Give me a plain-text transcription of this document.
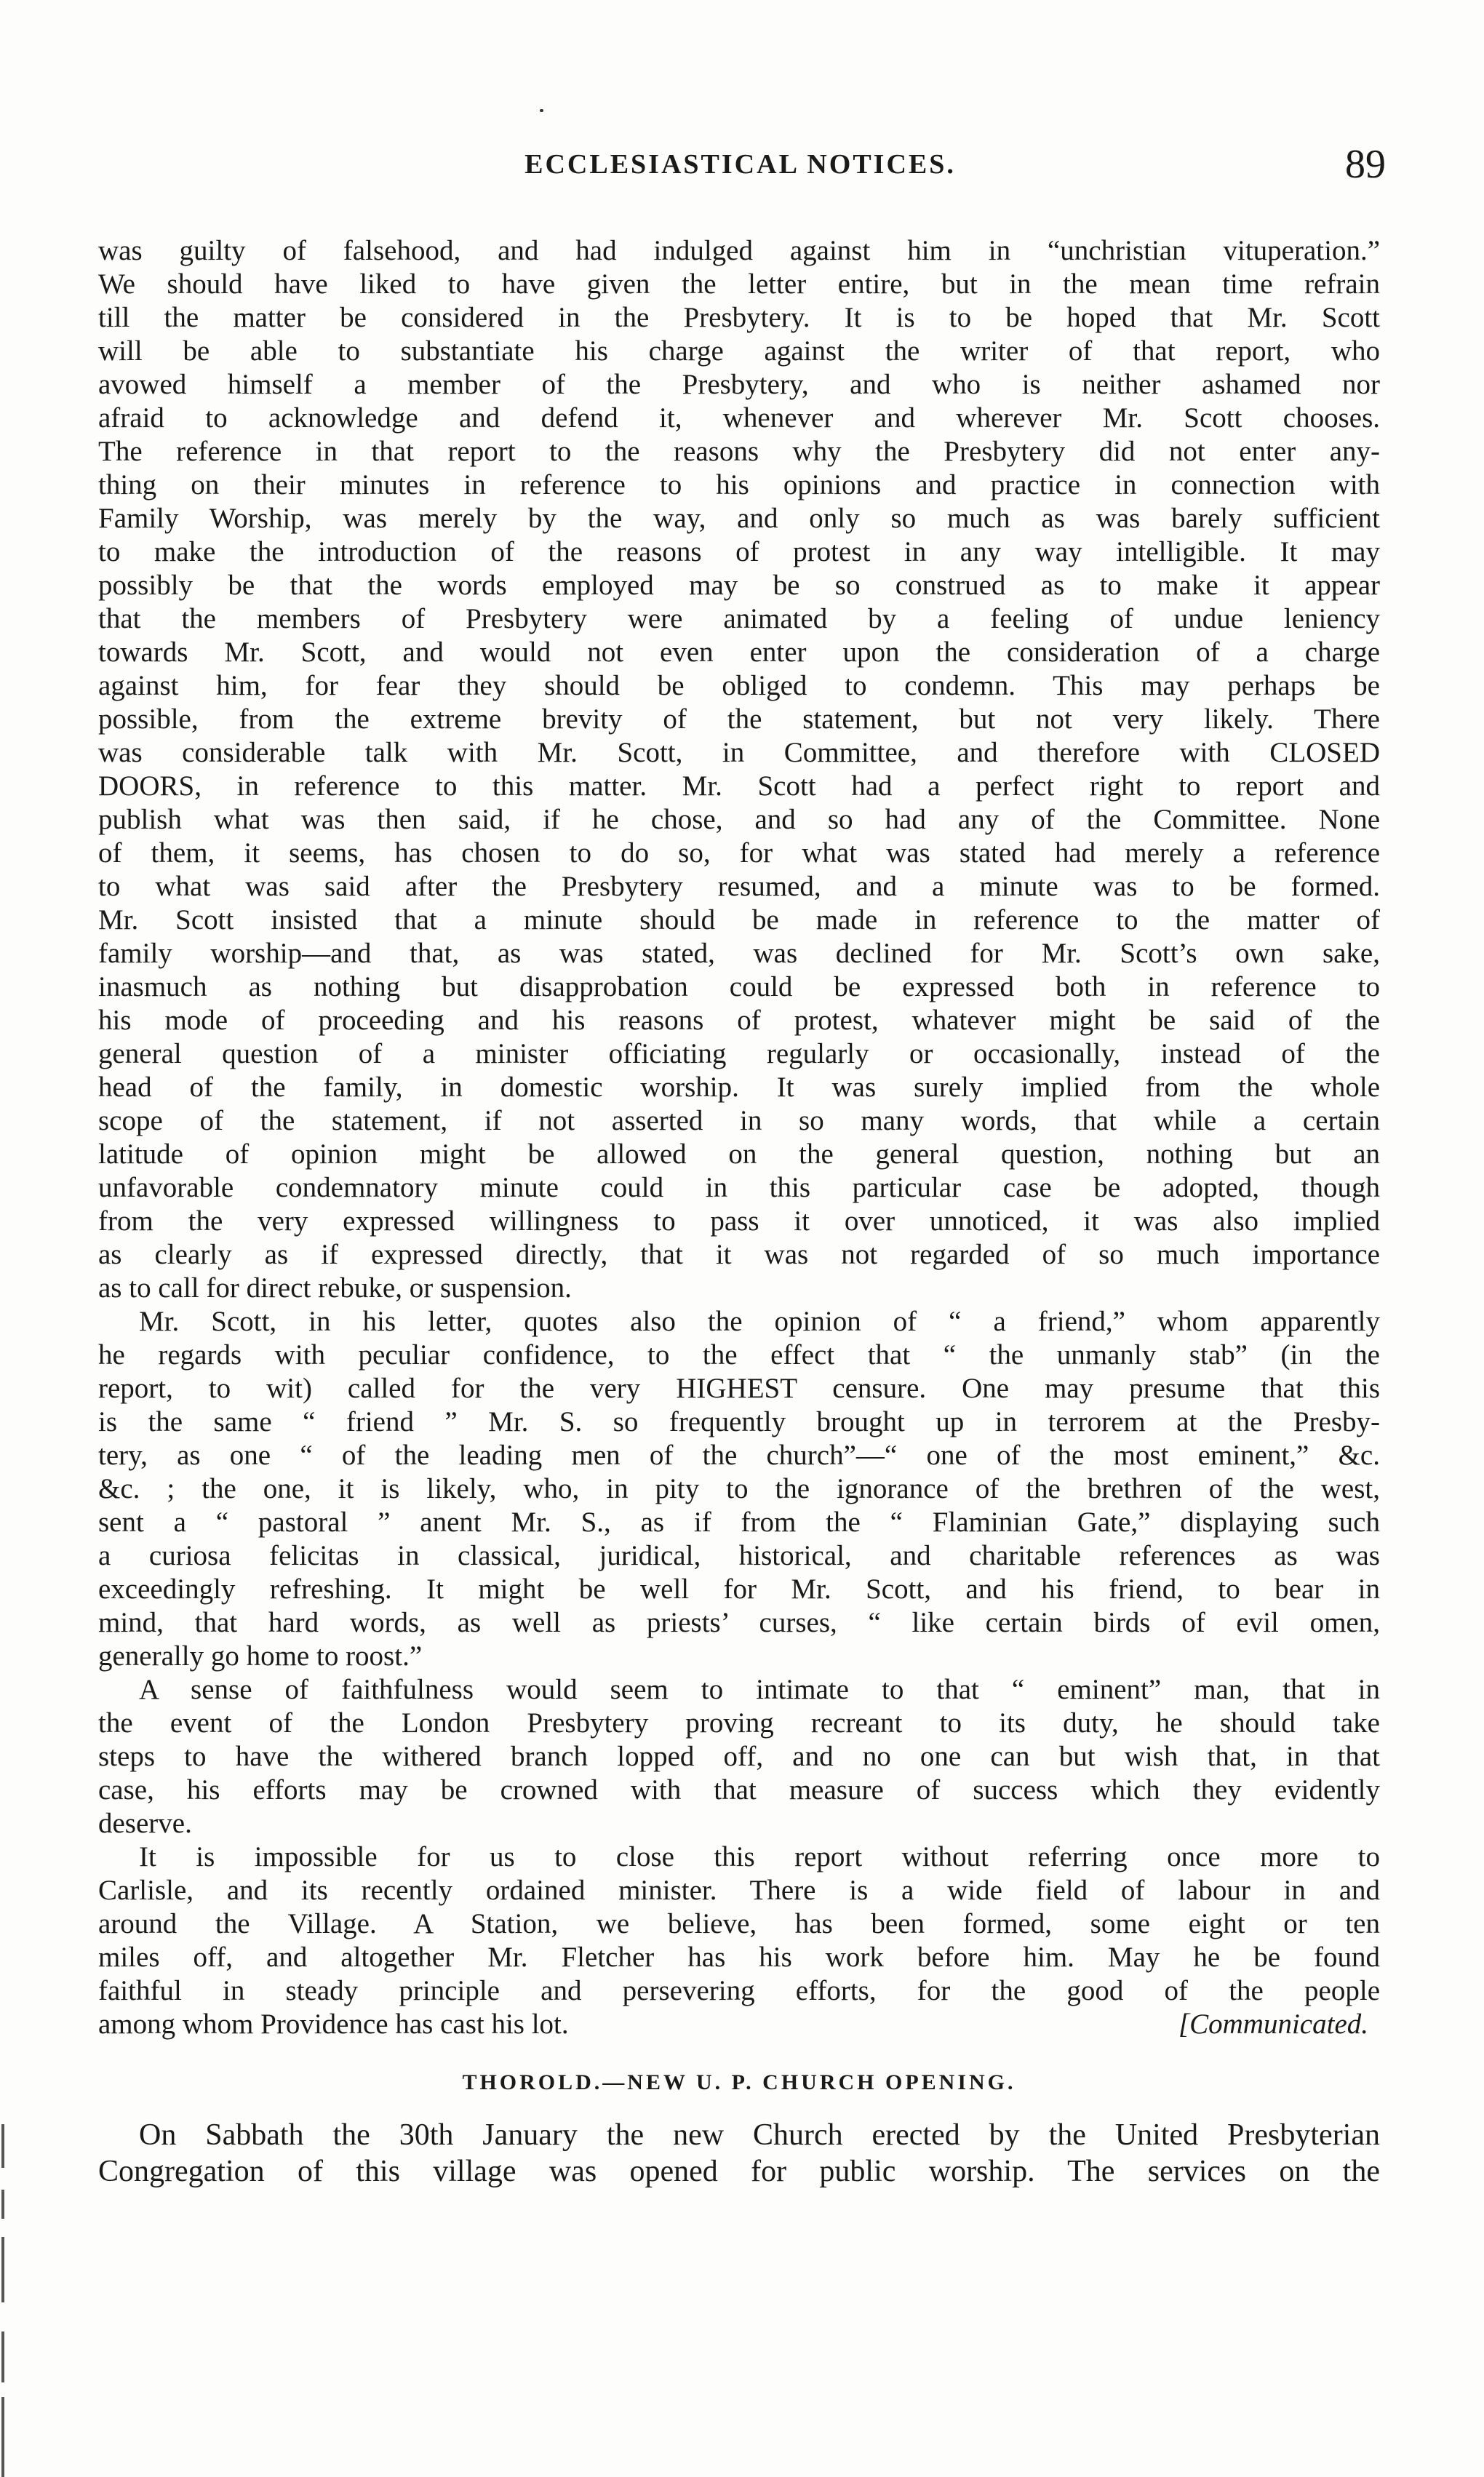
ECCLESIASTICAL NOTICES.	89
was guilty of falsehood, and had indulged against him in “unchristian vituperation.”
We should have liked to have given the letter entire, but in the mean time refrain
till the matter be considered in the Presbytery. It is to be hoped that Mr. Scott
will be able to substantiate his charge against the writer of that report, who
avowed himself a member of the Presbytery, and who is neither ashamed nor
afraid to acknowledge and defend it, whenever and wherever Mr. Scott chooses.
The reference in that report to the reasons why the Presbytery did not enter any-
thing on their minutes in reference to his opinions and practice in connection with
Family Worship, was merely by the way, and only so much as was barely sufficient
to make the introduction of the reasons of protest in any way intelligible. It may
possibly be that the words employed may be so construed as to make it appear
that the members of Presbytery were animated by a feeling of undue leniency
towards Mr. Scott, and would not even enter upon the consideration of a charge
against him, for fear they should be obliged to condemn. This may perhaps be
possible, from the extreme brevity of the statement, but not very likely. There
was considerable talk with Mr. Scott, in Committee, and therefore with CLOSED
DOORS, in reference to this matter. Mr. Scott had a perfect right to report and
publish what was then said, if he chose, and so had any of the Committee. None
of them, it seems, has chosen to do so, for what was stated had merely a reference
to what was said after the Presbytery resumed, and a minute was to be formed.
Mr. Scott insisted that a minute should be made in reference to the matter of
family worship—and that, as was stated, was declined for Mr. Scott’s own sake,
inasmuch as nothing but disapprobation could be expressed both in reference to
his mode of proceeding and his reasons of protest, whatever might be said of the
general question of a minister officiating regularly or occasionally, instead of the
head of the family, in domestic worship. It was surely implied from the whole
scope of the statement, if not asserted in so many words, that while a certain
latitude of opinion might be allowed on the general question, nothing but an
unfavorable condemnatory minute could in this particular case be adopted, though
from the very expressed willingness to pass it over unnoticed, it was also implied
as clearly as if expressed directly, that it was not regarded of so much importance
as to call for direct rebuke, or suspension.
Mr. Scott, in his letter, quotes also the opinion of “ a friend,” whom apparently
he regards with peculiar confidence, to the effect that “ the unmanly stab” (in the
report, to wit) called for the very HIGHEST censure. One may presume that this
is the same “ friend ” Mr. S. so frequently brought up in terrorem at the Presby-
tery, as one “ of the leading men of the church”—“ one of the most eminent,” &c.
&c. ; the one, it is likely, who, in pity to the ignorance of the brethren of the west,
sent a “ pastoral ” anent Mr. S., as if from the “ Flaminian Gate,” displaying such
a curiosa felicitas in classical, juridical, historical, and charitable references as was
exceedingly refreshing. It might be well for Mr. Scott, and his friend, to bear in
mind, that hard words, as well as priests’ curses, “ like certain birds of evil omen,
generally go home to roost.”
A sense of faithfulness would seem to intimate to that “ eminent” man, that in
the event of the London Presbytery proving recreant to its duty, he should take
steps to have the withered branch lopped off, and no one can but wish that, in that
case, his efforts may be crowned with that measure of success which they evidently
deserve.
It is impossible for us to close this report without referring once more to
Carlisle, and its recently ordained minister. There is a wide field of labour in and
around the Village. A Station, we believe, has been formed, some eight or ten
miles off, and altogether Mr. Fletcher has his work before him. May he be found
faithful in steady principle and persevering efforts, for the good of the people
among whom Providence has cast his lot.	[Communicated.
THOROLD.—NEW U. P. CHURCH OPENING.
On Sabbath the 30th January the new Church erected by the United Presbyterian
Congregation of this village was opened for public worship. The services on the
